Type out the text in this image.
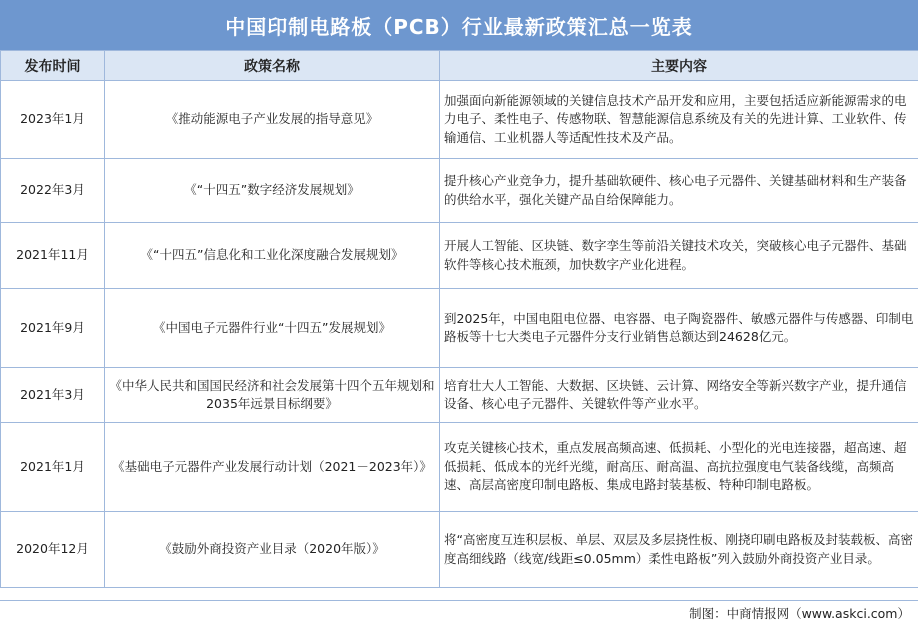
中国印制电路板（PCB）行业最新政策汇总一览表
发布时间	政策名称	主要内容
2023年1月	《推动能源电子产业发展的指导意见》	加强面向新能源领域的关键信息技术产品开发和应用，主要包括适应新能源需求的电力电子、柔性电子、传感物联、智慧能源信息系统及有关的先进计算、工业软件、传输通信、工业机器人等适配性技术及产品。
2022年3月	《“十四五”数字经济发展规划》	提升核心产业竞争力，提升基础软硬件、核心电子元器件、关键基础材料和生产装备的供给水平，强化关键产品自给保障能力。
2021年11月	《“十四五”信息化和工业化深度融合发展规划》	开展人工智能、区块链、数字孪生等前沿关键技术攻关，突破核心电子元器件、基础软件等核心技术瓶颈，加快数字产业化进程。
2021年9月	《中国电子元器件行业“十四五”发展规划》	到2025年，中国电阻电位器、电容器、电子陶瓷器件、敏感元器件与传感器、印制电路板等十七大类电子元器件分支行业销售总额达到24628亿元。
2021年3月	《中华人民共和国国民经济和社会发展第十四个五年规划和2035年远景目标纲要》	培育壮大人工智能、大数据、区块链、云计算、网络安全等新兴数字产业，提升通信设备、核心电子元器件、关键软件等产业水平。
2021年1月	《基础电子元器件产业发展行动计划（2021－2023年）》	攻克关键核心技术，重点发展高频高速、低损耗、小型化的光电连接器，超高速、超低损耗、低成本的光纤光缆，耐高压、耐高温、高抗拉强度电气装备线缆，高频高速、高层高密度印制电路板、集成电路封装基板、特种印制电路板。
2020年12月	《鼓励外商投资产业目录（2020年版）》	将“高密度互连积层板、单层、双层及多层挠性板、刚挠印刷电路板及封装载板、高密度高细线路（线宽/线距≤0.05mm）柔性电路板”列入鼓励外商投资产业目录。
制图：中商情报网（www.askci.com）
